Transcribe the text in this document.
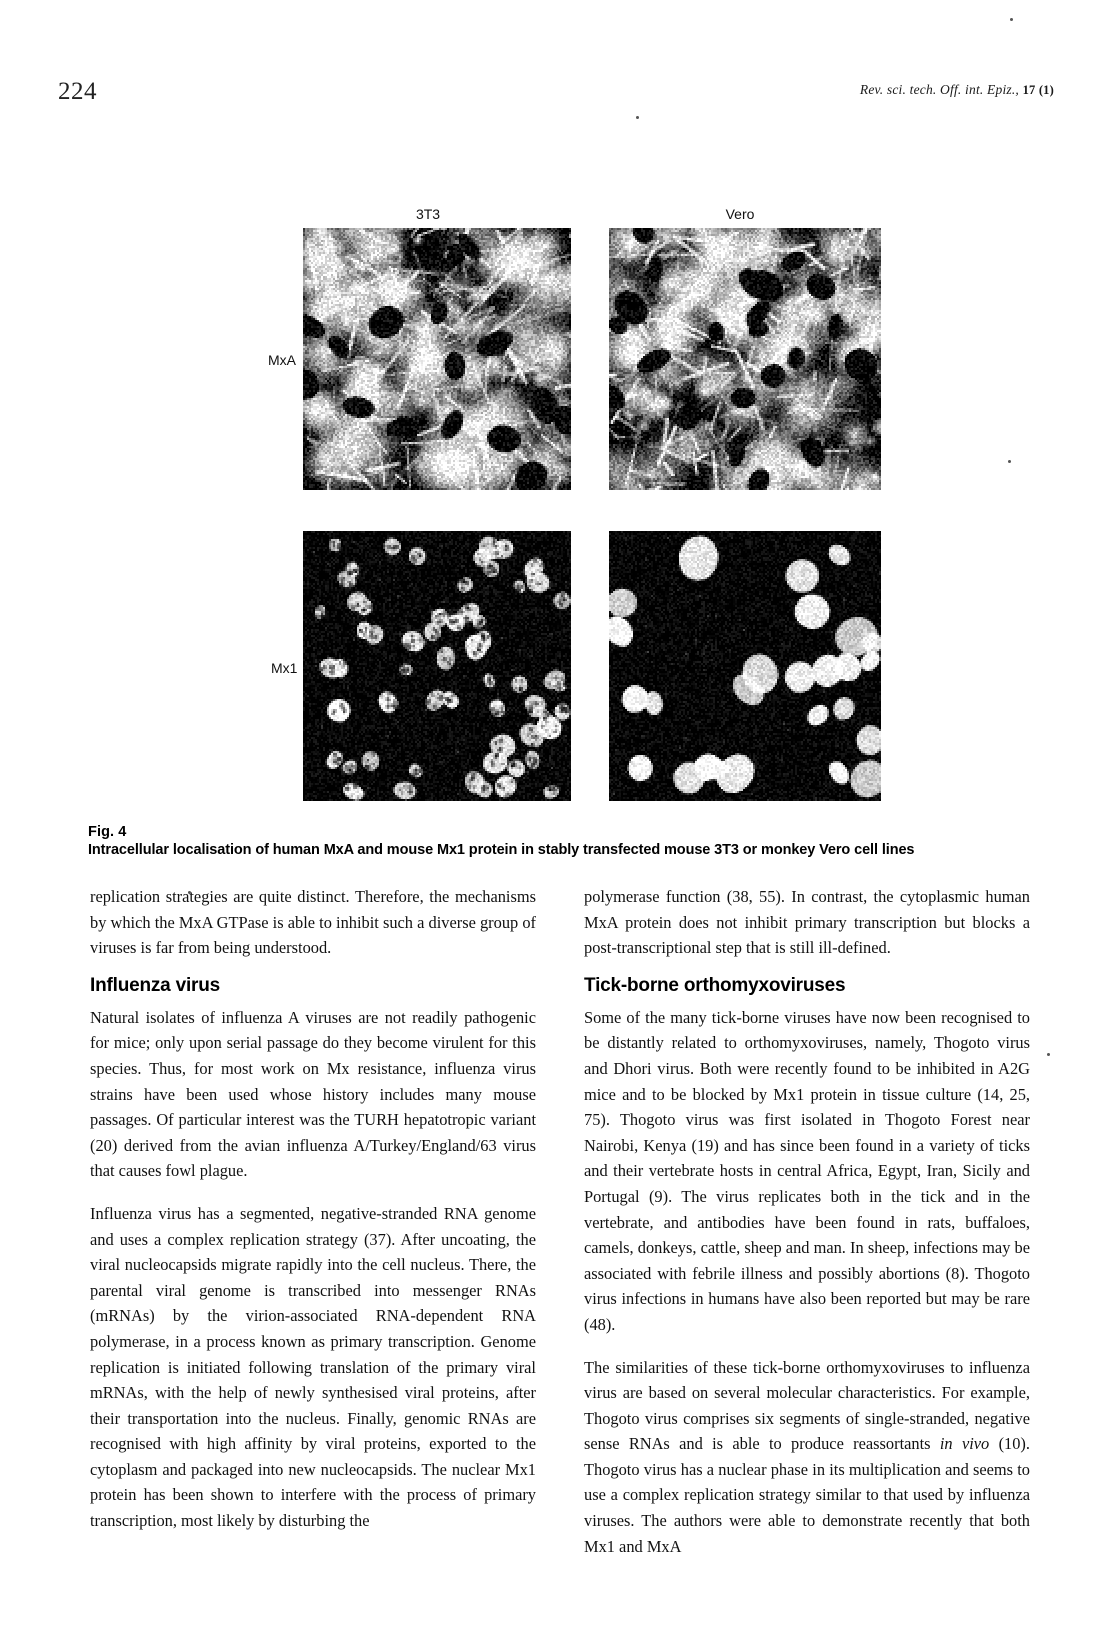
224	Rev. sci. tech. Off. int. Epiz., 17 (1)
3T3	Vero
MxA
Mx1
Fig. 4
Intracellular localisation of human MxA and mouse Mx1 protein in stably transfected mouse 3T3 or monkey Vero cell lines

replication strategies are quite distinct. Therefore, the mechanisms by which the MxA GTPase is able to inhibit such a diverse group of viruses is far from being understood.

Influenza virus

Natural isolates of influenza A viruses are not readily pathogenic for mice; only upon serial passage do they become virulent for this species. Thus, for most work on Mx resistance, influenza virus strains have been used whose history includes many mouse passages. Of particular interest was the TURH hepatotropic variant (20) derived from the avian influenza A/Turkey/England/63 virus that causes fowl plague.

Influenza virus has a segmented, negative-stranded RNA genome and uses a complex replication strategy (37). After uncoating, the viral nucleocapsids migrate rapidly into the cell nucleus. There, the parental viral genome is transcribed into messenger RNAs (mRNAs) by the virion-associated RNA-dependent RNA polymerase, in a process known as primary transcription. Genome replication is initiated following translation of the primary viral mRNAs, with the help of newly synthesised viral proteins, after their transportation into the nucleus. Finally, genomic RNAs are recognised with high affinity by viral proteins, exported to the cytoplasm and packaged into new nucleocapsids. The nuclear Mx1 protein has been shown to interfere with the process of primary transcription, most likely by disturbing the

polymerase function (38, 55). In contrast, the cytoplasmic human MxA protein does not inhibit primary transcription but blocks a post-transcriptional step that is still ill-defined.

Tick-borne orthomyxoviruses

Some of the many tick-borne viruses have now been recognised to be distantly related to orthomyxoviruses, namely, Thogoto virus and Dhori virus. Both were recently found to be inhibited in A2G mice and to be blocked by Mx1 protein in tissue culture (14, 25, 75). Thogoto virus was first isolated in Thogoto Forest near Nairobi, Kenya (19) and has since been found in a variety of ticks and their vertebrate hosts in central Africa, Egypt, Iran, Sicily and Portugal (9). The virus replicates both in the tick and in the vertebrate, and antibodies have been found in rats, buffaloes, camels, donkeys, cattle, sheep and man. In sheep, infections may be associated with febrile illness and possibly abortions (8). Thogoto virus infections in humans have also been reported but may be rare (48).

The similarities of these tick-borne orthomyxoviruses to influenza virus are based on several molecular characteristics. For example, Thogoto virus comprises six segments of single-stranded, negative sense RNAs and is able to produce reassortants in vivo (10). Thogoto virus has a nuclear phase in its multiplication and seems to use a complex replication strategy similar to that used by influenza viruses. The authors were able to demonstrate recently that both Mx1 and MxA
